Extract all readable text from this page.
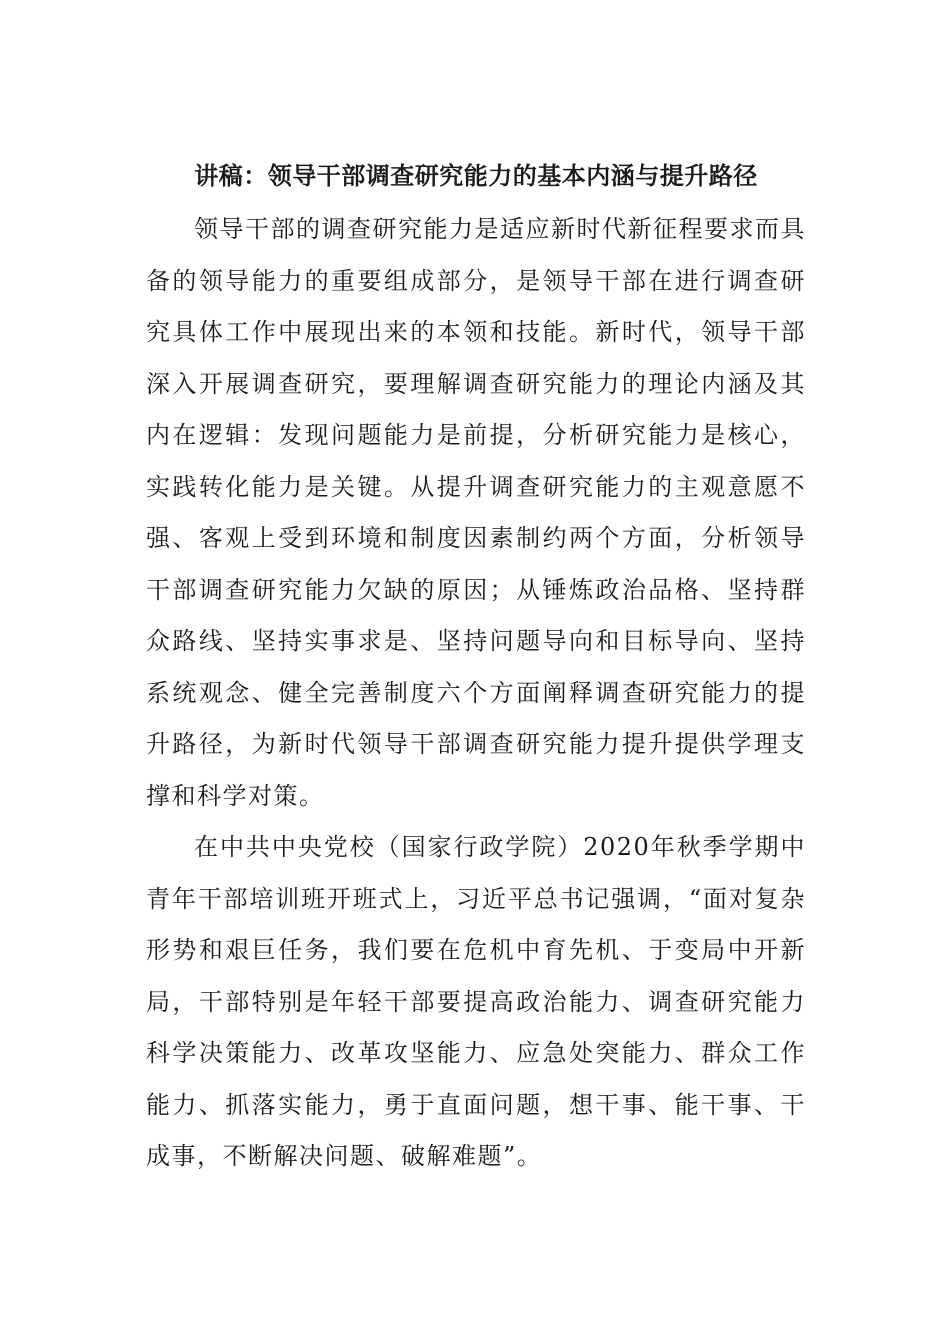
讲稿：领导干部调查研究能力的基本内涵与提升路径

领导干部的调查研究能力是适应新时代新征程要求而具备的领导能力的重要组成部分，是领导干部在进行调查研究具体工作中展现出来的本领和技能。新时代，领导干部深入开展调查研究，要理解调查研究能力的理论内涵及其内在逻辑：发现问题能力是前提，分析研究能力是核心，实践转化能力是关键。从提升调查研究能力的主观意愿不强、客观上受到环境和制度因素制约两个方面，分析领导干部调查研究能力欠缺的原因；从锤炼政治品格、坚持群众路线、坚持实事求是、坚持问题导向和目标导向、坚持系统观念、健全完善制度六个方面阐释调查研究能力的提升路径，为新时代领导干部调查研究能力提升提供学理支撑和科学对策。

在中共中央党校（国家行政学院）2020年秋季学期中青年干部培训班开班式上，习近平总书记强调，“面对复杂形势和艰巨任务，我们要在危机中育先机、于变局中开新局，干部特别是年轻干部要提高政治能力、调查研究能力科学决策能力、改革攻坚能力、应急处突能力、群众工作能力、抓落实能力，勇于直面问题，想干事、能干事、干成事，不断解决问题、破解难题”。
